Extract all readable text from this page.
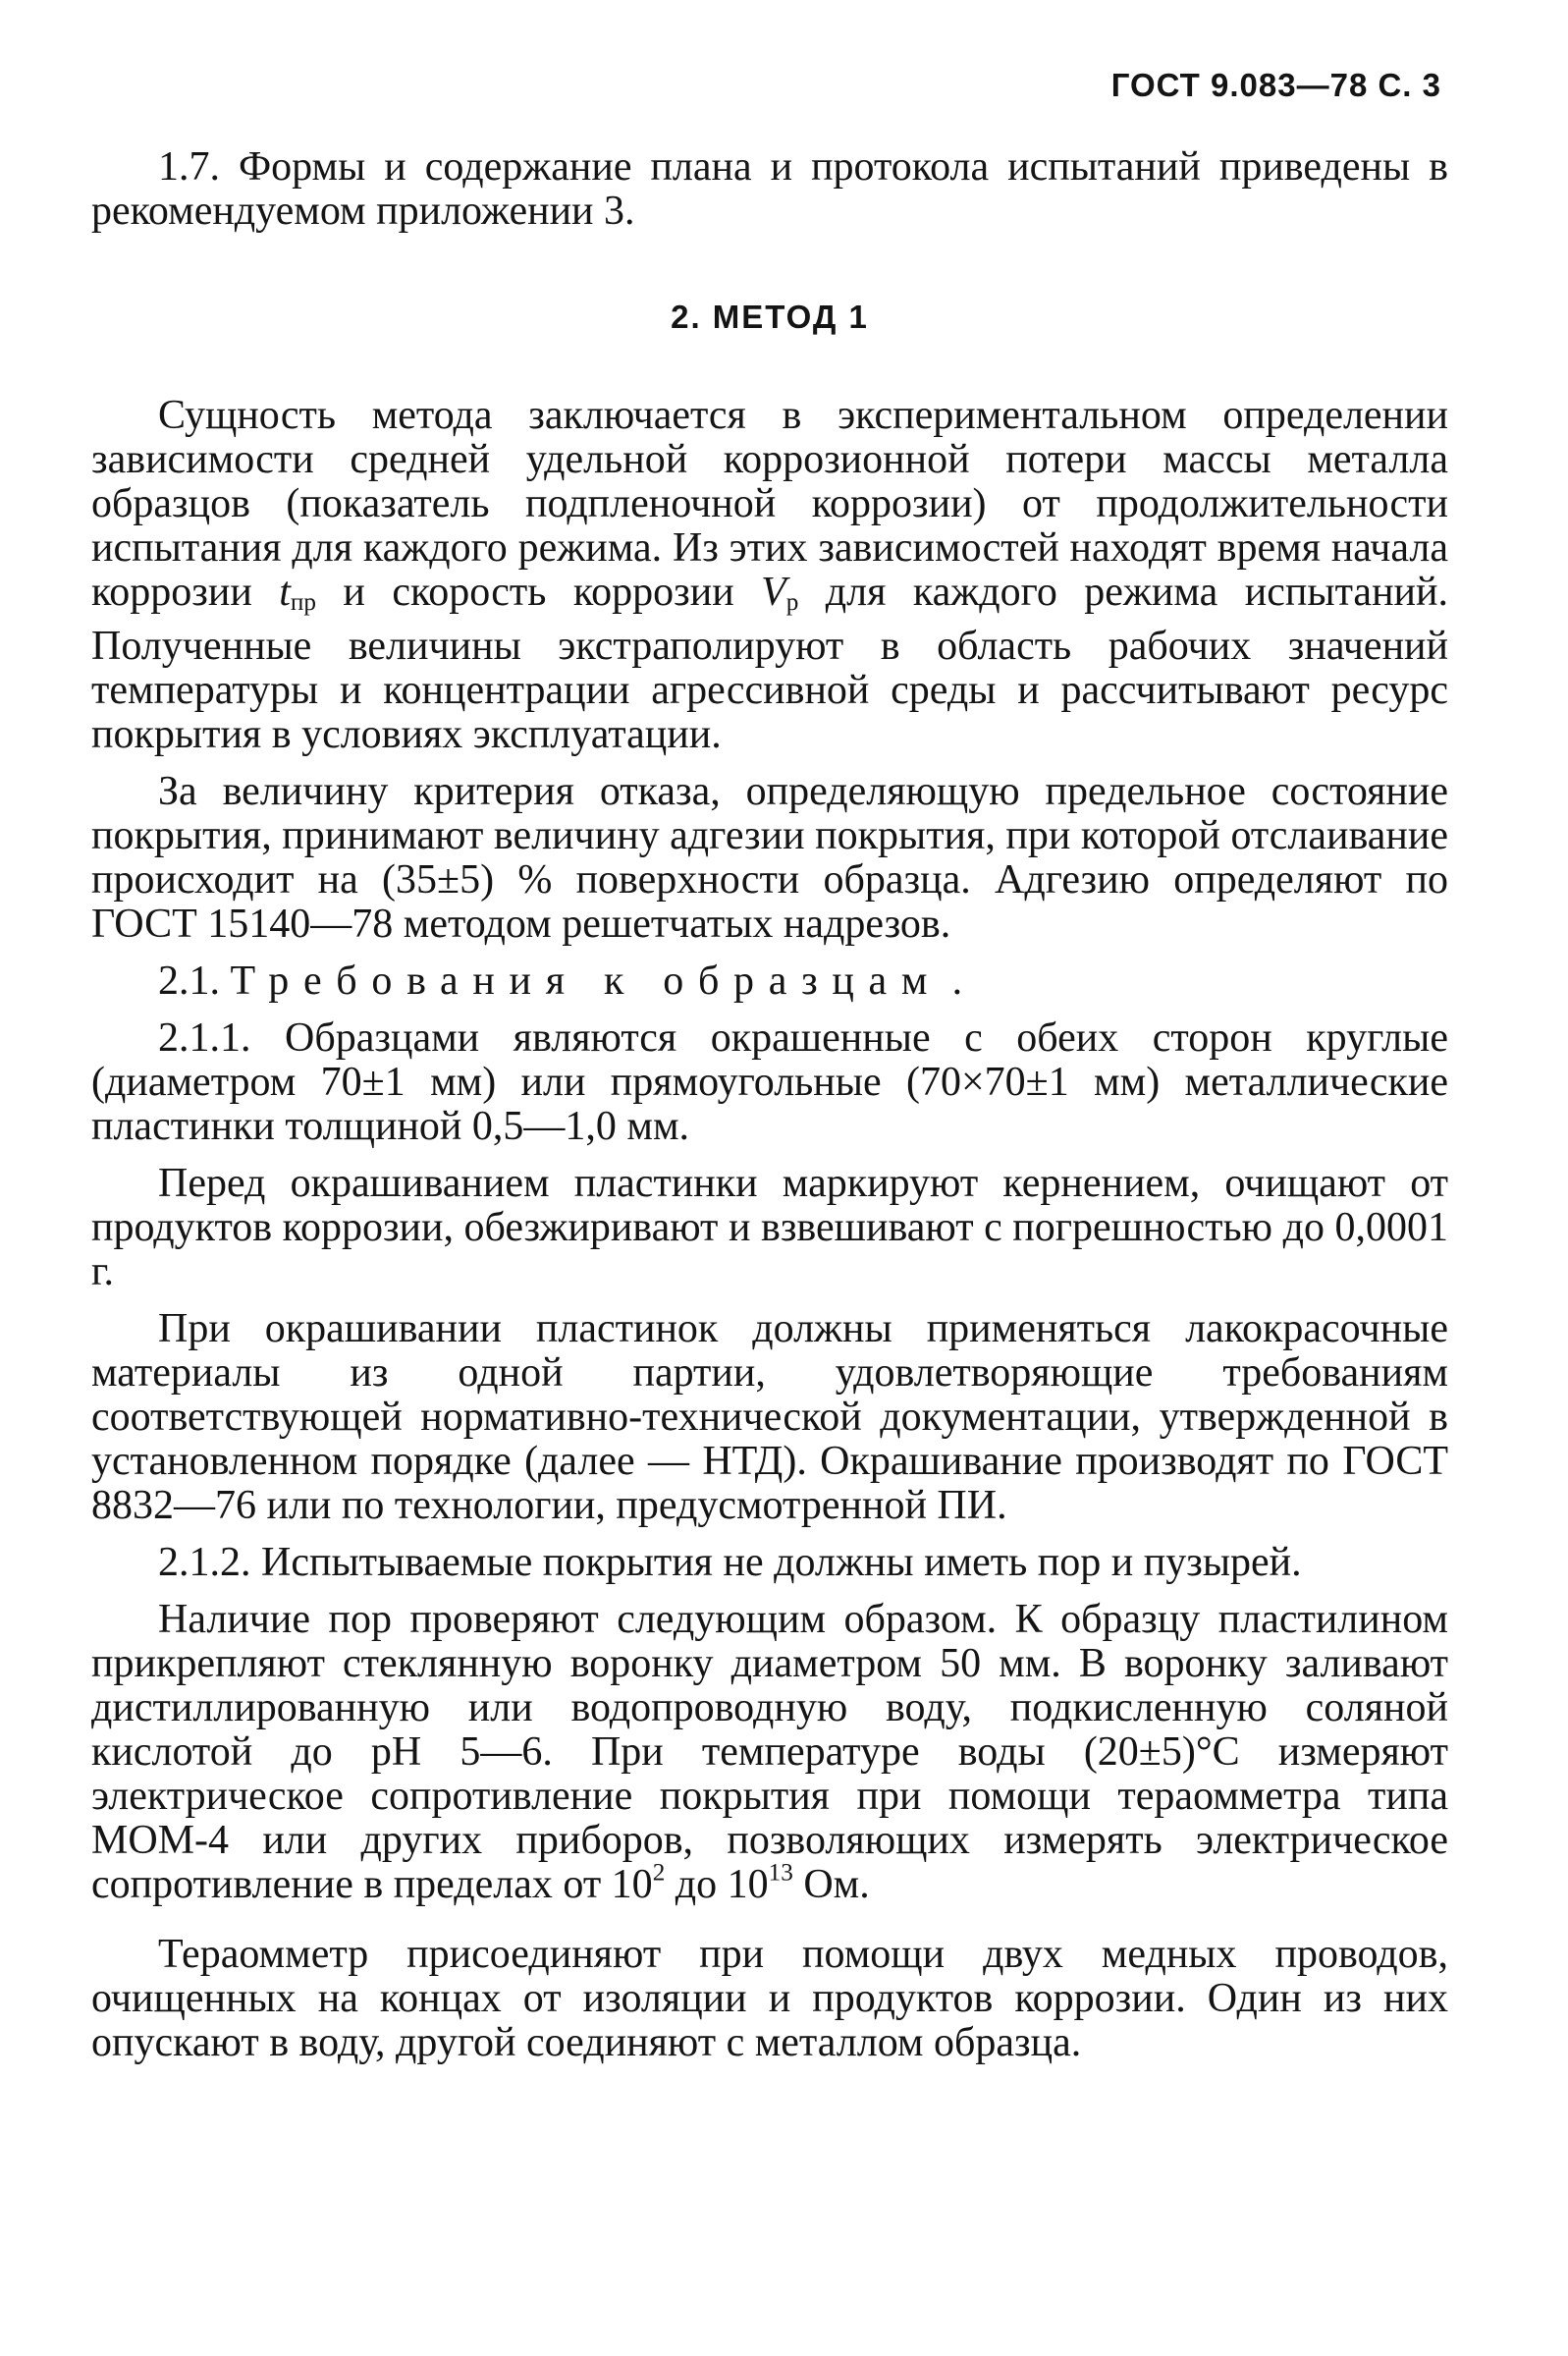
ГОСТ 9.083—78 С. 3

1.7. Формы и содержание плана и протокола испытаний приведены в рекомендуемом приложении 3.

2. МЕТОД 1

Сущность метода заключается в экспериментальном определении зависимости средней удельной коррозионной потери массы металла образцов (показатель подпленочной коррозии) от продолжительности испытания для каждого режима. Из этих зависимостей находят время начала коррозии $t_{пр}$ и скорость коррозии $V_р$ для каждого режима испытаний. Полученные величины экстраполируют в область рабочих значений температуры и концентрации агрессивной среды и рассчитывают ресурс покрытия в условиях эксплуатации.

За величину критерия отказа, определяющую предельное состояние покрытия, принимают величину адгезии покрытия, при которой отслаивание происходит на (35±5) % поверхности образца. Адгезию определяют по ГОСТ 15140—78 методом решетчатых надрезов.

2.1. Требования к образцам .

2.1.1. Образцами являются окрашенные с обеих сторон круглые (диаметром 70±1 мм) или прямоугольные (70×70±1 мм) металлические пластинки толщиной 0,5—1,0 мм.

Перед окрашиванием пластинки маркируют кернением, очищают от продуктов коррозии, обезжиривают и взвешивают с погрешностью до 0,0001 г.

При окрашивании пластинок должны применяться лакокрасочные материалы из одной партии, удовлетворяющие требованиям соответствующей нормативно-технической документации, утвержденной в установленном порядке (далее — НТД). Окрашивание производят по ГОСТ 8832—76 или по технологии, предусмотренной ПИ.

2.1.2. Испытываемые покрытия не должны иметь пор и пузырей.

Наличие пор проверяют следующим образом. К образцу пластилином прикрепляют стеклянную воронку диаметром 50 мм. В воронку заливают дистиллированную или водопроводную воду, подкисленную соляной кислотой до pH 5—6. При температуре воды (20±5)°С измеряют электрическое сопротивление покрытия при помощи тераомметра типа МОМ-4 или других приборов, позволяющих измерять электрическое сопротивление в пределах от $10^2$ до $10^{13}$ Ом.

Тераомметр присоединяют при помощи двух медных проводов, очищенных на концах от изоляции и продуктов коррозии. Один из них опускают в воду, другой соединяют с металлом образца.
